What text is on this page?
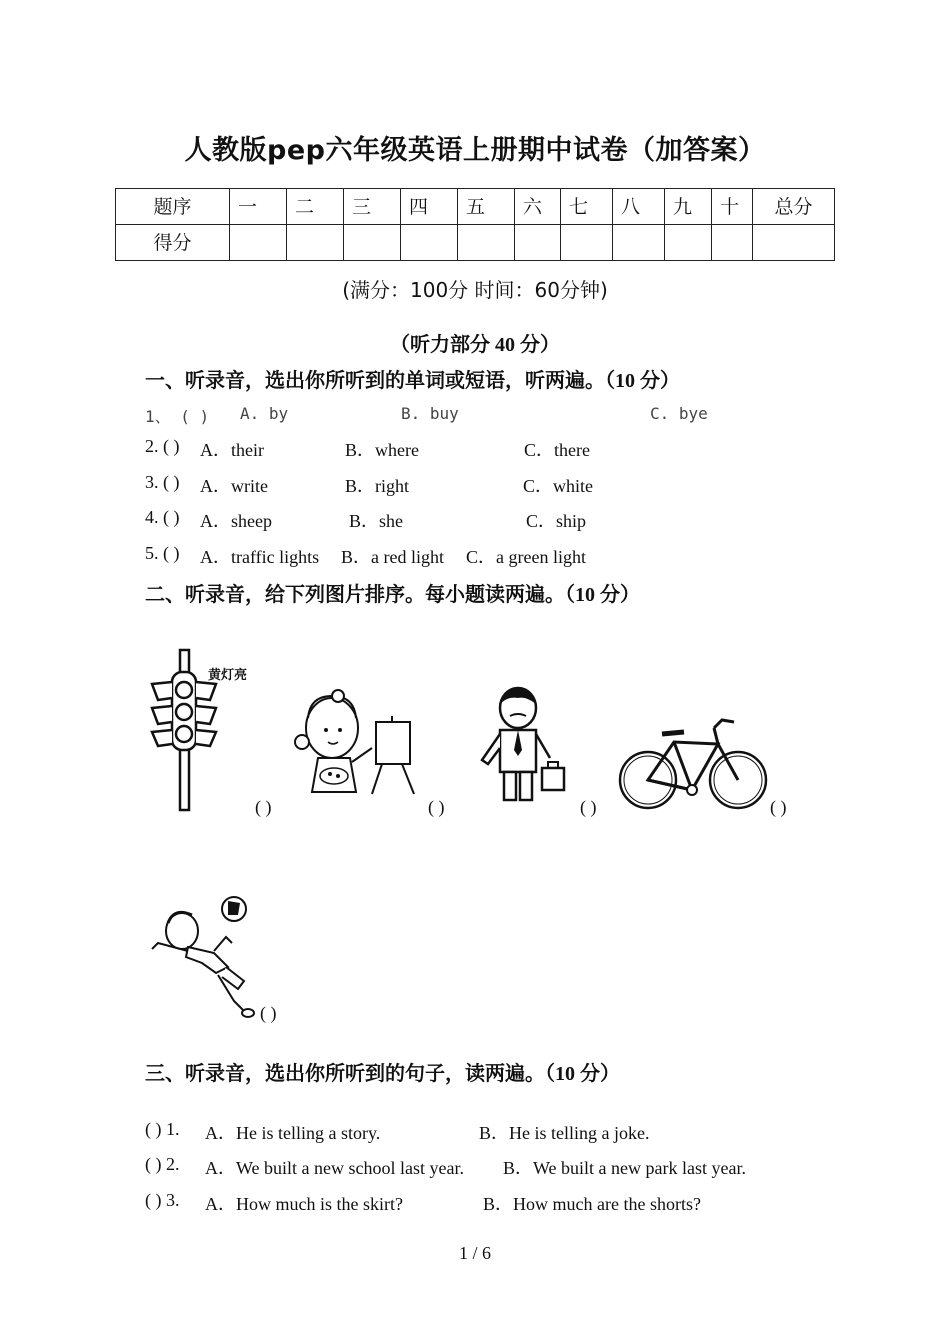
人教版pep六年级英语上册期中试卷（加答案）
题序	一	二	三	四	五	六	七	八	九	十	总分

得分											

(满分：100分 时间：60分钟)
（听力部分 40 分）
一、听录音，选出你所听到的单词或短语，听两遍。（10 分）
1、 ( ) A. by	B. buy	C. bye
2. ( ) A．their	B．where	C．there
3. ( ) A．write	B．right	C．white
4. ( ) A．sheep	B．she	C．ship
5. ( ) A．traffic lights B．a red light C．a green light
二、听录音，给下列图片排序。每小题读两遍。（10 分）
黄灯亮
( )	( )	( )	( )
( )
三、听录音，选出你所听到的句子，读两遍。（10 分）
( ) 1. A．He is telling a story.	B．He is telling a joke.
( ) 2. A．We built a new school last year. B．We built a new park last year.
( ) 3. A．How much is the skirt?	B．How much are the shorts?
1 / 6
